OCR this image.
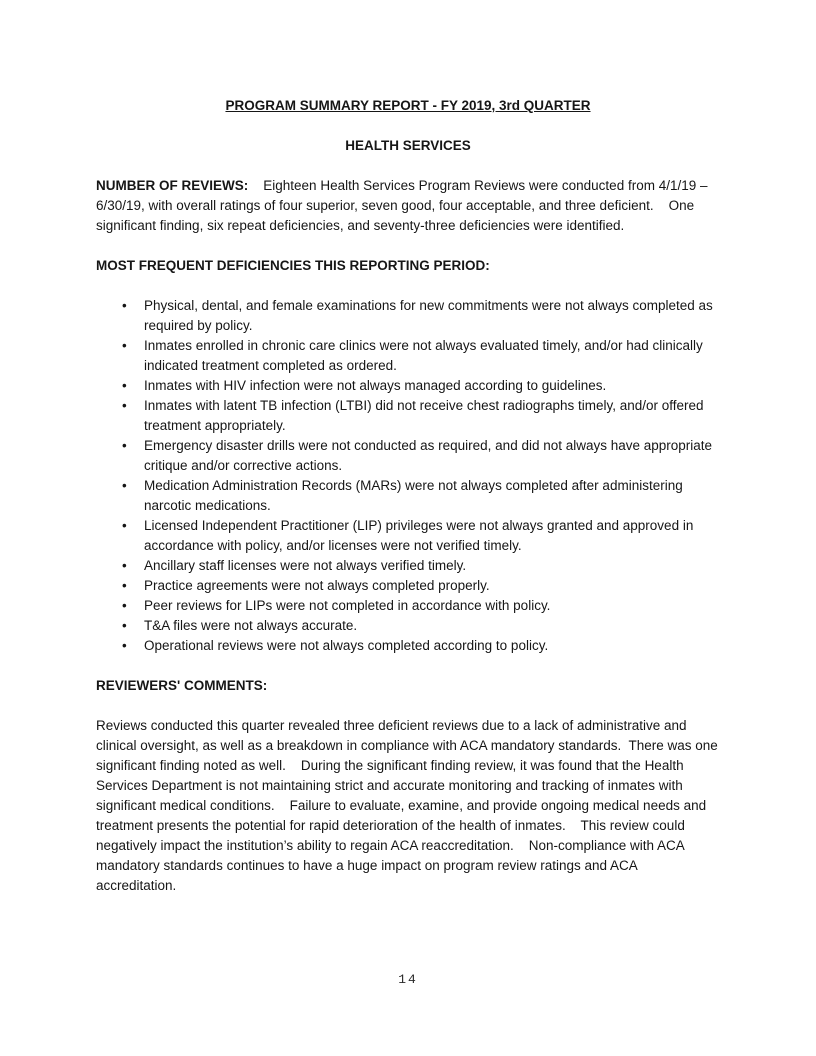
PROGRAM SUMMARY REPORT - FY 2019, 3rd QUARTER
HEALTH SERVICES

NUMBER OF REVIEWS:    Eighteen Health Services Program Reviews were conducted from 4/1/19 – 6/30/19, with overall ratings of four superior, seven good, four acceptable, and three deficient.    One significant finding, six repeat deficiencies, and seventy-three deficiencies were identified.

MOST FREQUENT DEFICIENCIES THIS REPORTING PERIOD:
• Physical, dental, and female examinations for new commitments were not always completed as required by policy.
• Inmates enrolled in chronic care clinics were not always evaluated timely, and/or had clinically indicated treatment completed as ordered.
• Inmates with HIV infection were not always managed according to guidelines.
• Inmates with latent TB infection (LTBI) did not receive chest radiographs timely, and/or offered treatment appropriately.
• Emergency disaster drills were not conducted as required, and did not always have appropriate critique and/or corrective actions.
• Medication Administration Records (MARs) were not always completed after administering narcotic medications.
• Licensed Independent Practitioner (LIP) privileges were not always granted and approved in accordance with policy, and/or licenses were not verified timely.
• Ancillary staff licenses were not always verified timely.
• Practice agreements were not always completed properly.
• Peer reviews for LIPs were not completed in accordance with policy.
• T&A files were not always accurate.
• Operational reviews were not always completed according to policy.
REVIEWERS' COMMENTS:

Reviews conducted this quarter revealed three deficient reviews due to a lack of administrative and clinical oversight, as well as a breakdown in compliance with ACA mandatory standards.  There was one significant finding noted as well.    During the significant finding review, it was found that the Health Services Department is not maintaining strict and accurate monitoring and tracking of inmates with significant medical conditions.    Failure to evaluate, examine, and provide ongoing medical needs and treatment presents the potential for rapid deterioration of the health of inmates.    This review could negatively impact the institution’s ability to regain ACA reaccreditation.    Non-compliance with ACA mandatory standards continues to have a huge impact on program review ratings and ACA accreditation.

14
